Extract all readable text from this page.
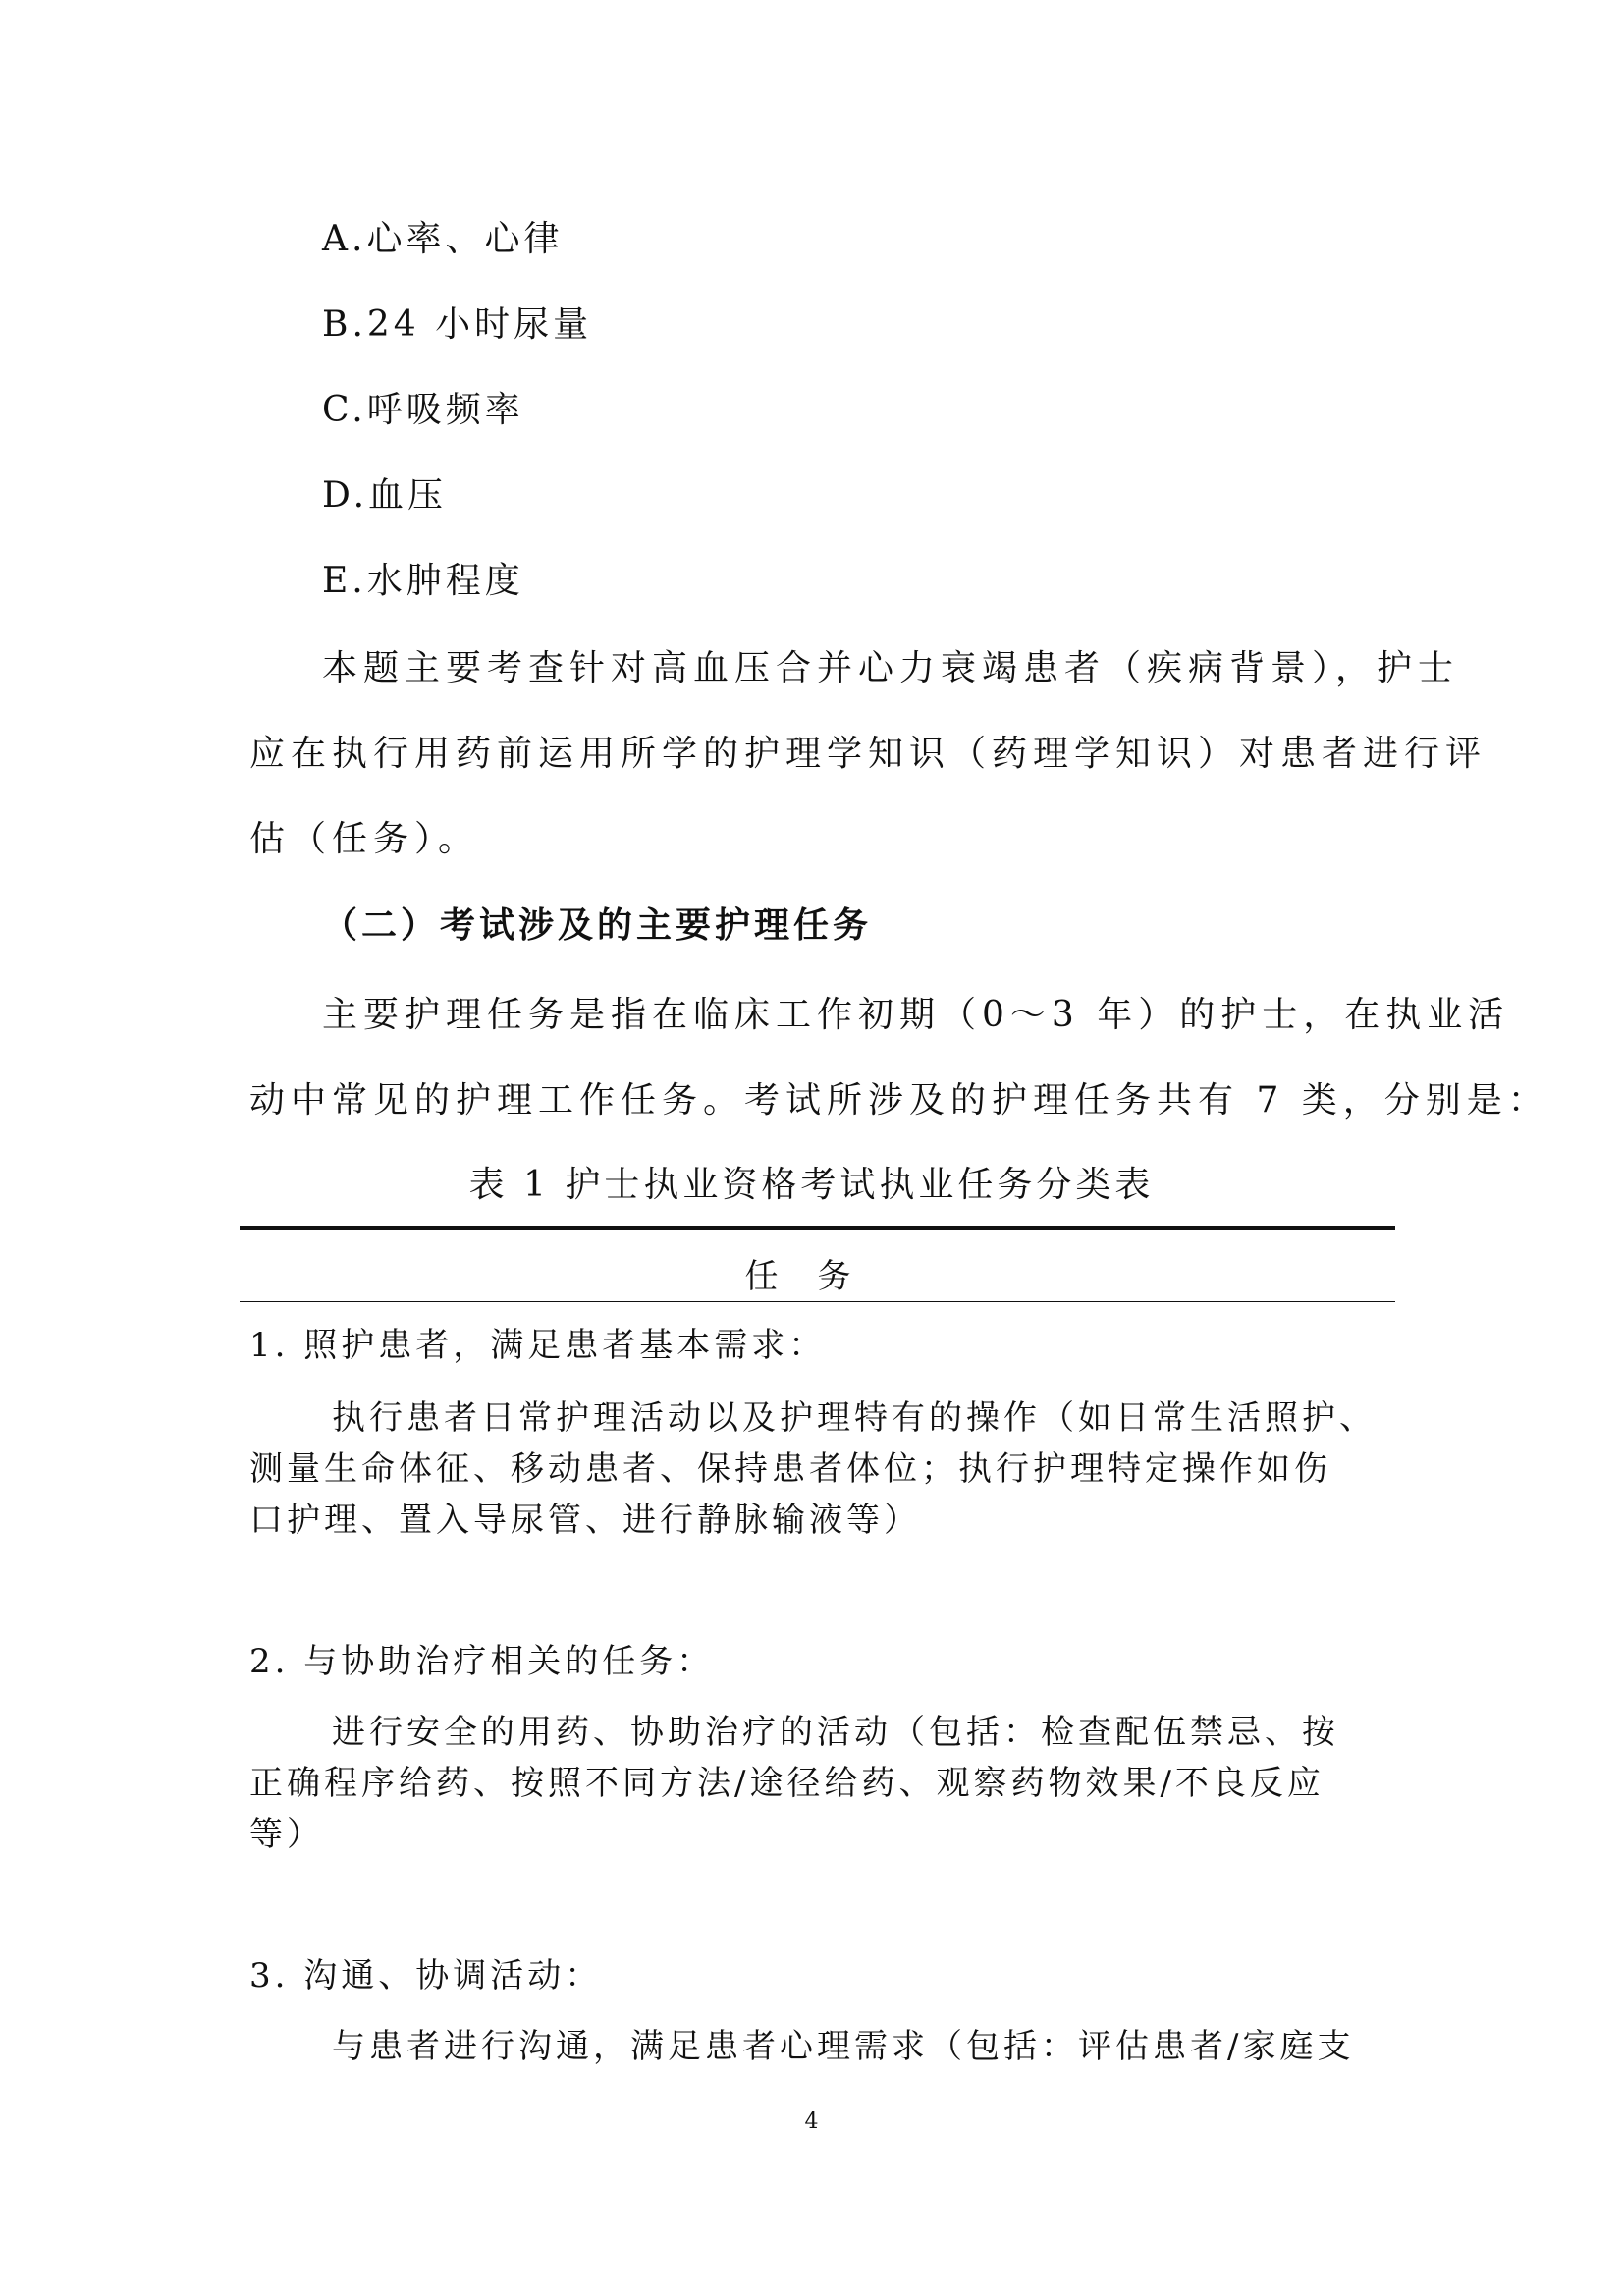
A.心率、心律
B.24 小时尿量
C.呼吸频率
D.血压
E.水肿程度
本题主要考查针对高血压合并心力衰竭患者（疾病背景），护士
应在执行用药前运用所学的护理学知识（药理学知识）对患者进行评
估（任务）。
（二）考试涉及的主要护理任务
主要护理任务是指在临床工作初期（0～3 年）的护士，在执业活
动中常见的护理工作任务。考试所涉及的护理任务共有 7 类，分别是：
表 1 护士执业资格考试执业任务分类表
任务
1. 照护患者，满足患者基本需求：
执行患者日常护理活动以及护理特有的操作（如日常生活照护、
测量生命体征、移动患者、保持患者体位；执行护理特定操作如伤
口护理、置入导尿管、进行静脉输液等）
2. 与协助治疗相关的任务：
进行安全的用药、协助治疗的活动（包括：检查配伍禁忌、按
正确程序给药、按照不同方法/途径给药、观察药物效果/不良反应
等）
3. 沟通、协调活动：
与患者进行沟通，满足患者心理需求（包括：评估患者/家庭支
4
